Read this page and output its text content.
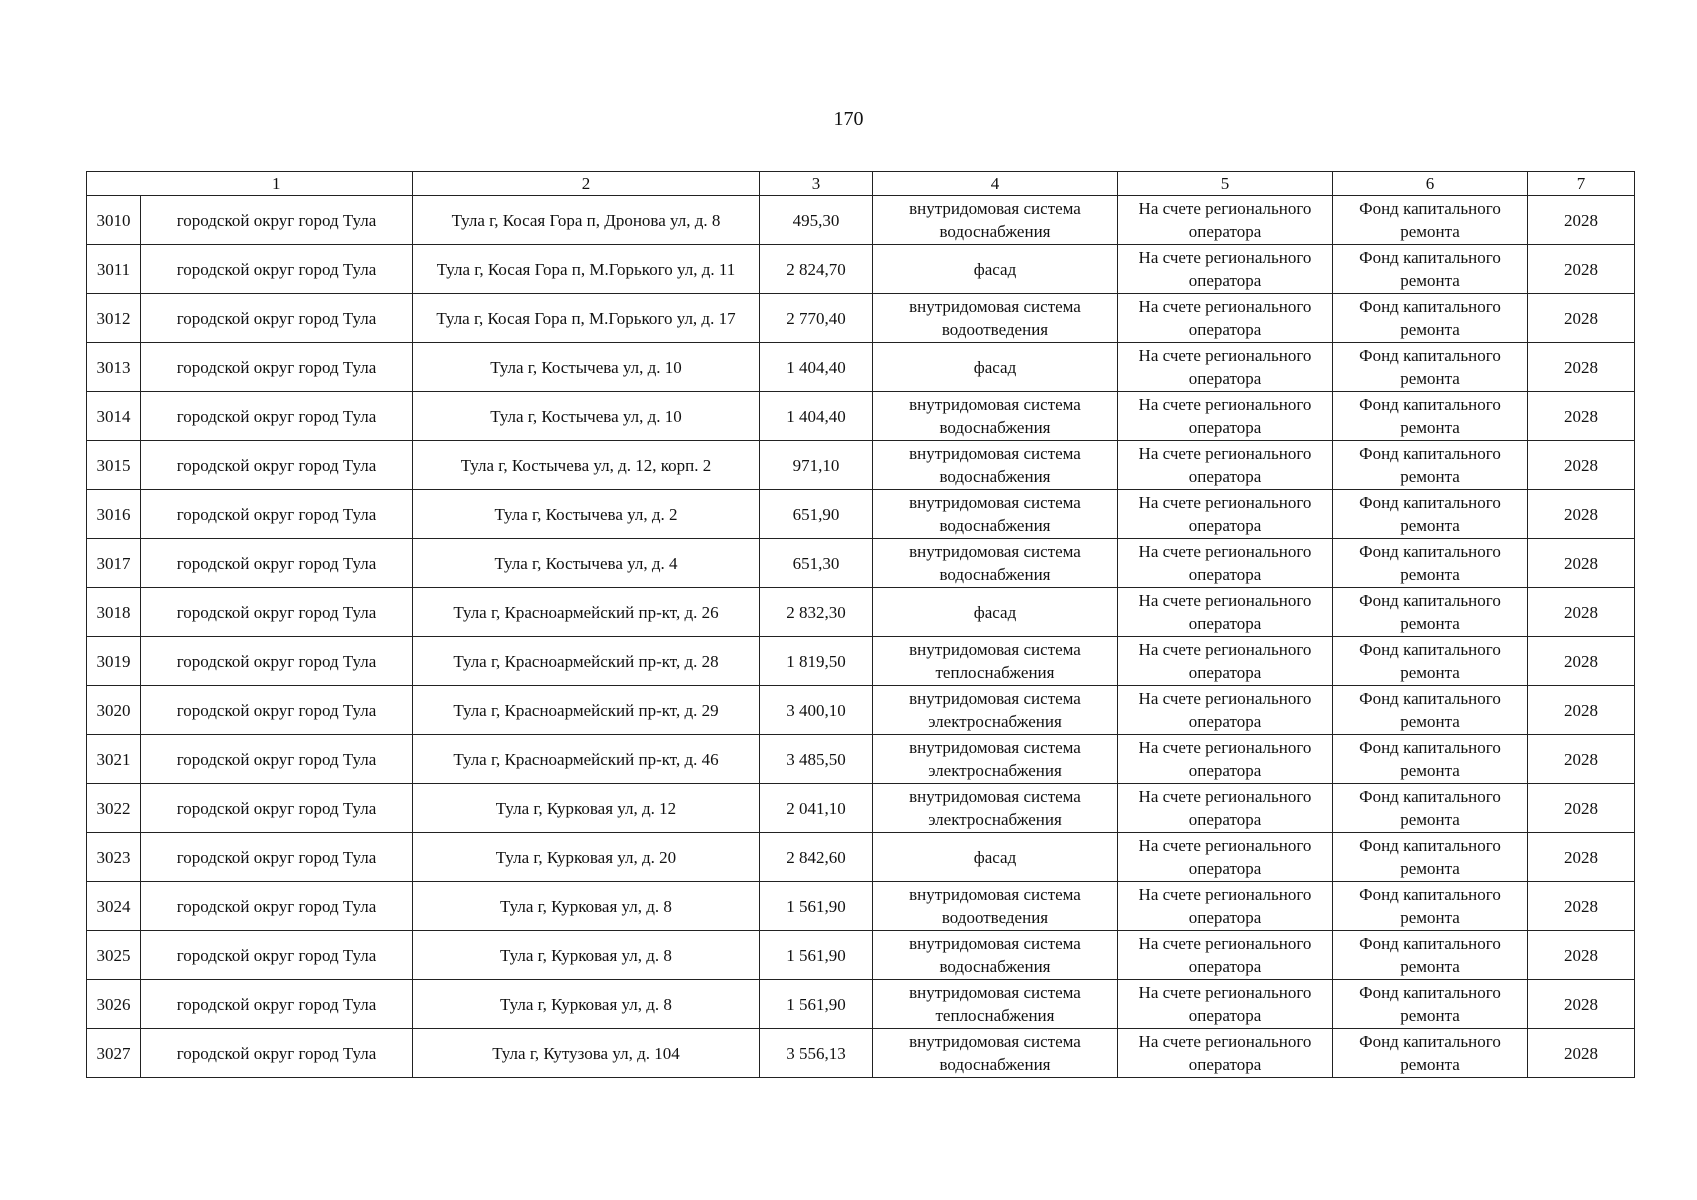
170
	1	2	3	4	5	6	7
3010	городской округ город Тула	Тула г, Косая Гора п, Дронова ул, д. 8	495,30	внутридомовая система водоснабжения	На счете регионального оператора	Фонд капитального ремонта	2028
3011	городской округ город Тула	Тула г, Косая Гора п, М.Горького ул, д. 11	2 824,70	фасад	На счете регионального оператора	Фонд капитального ремонта	2028
3012	городской округ город Тула	Тула г, Косая Гора п, М.Горького ул, д. 17	2 770,40	внутридомовая система водоотведения	На счете регионального оператора	Фонд капитального ремонта	2028
3013	городской округ город Тула	Тула г, Костычева ул, д. 10	1 404,40	фасад	На счете регионального оператора	Фонд капитального ремонта	2028
3014	городской округ город Тула	Тула г, Костычева ул, д. 10	1 404,40	внутридомовая система водоснабжения	На счете регионального оператора	Фонд капитального ремонта	2028
3015	городской округ город Тула	Тула г, Костычева ул, д. 12, корп. 2	971,10	внутридомовая система водоснабжения	На счете регионального оператора	Фонд капитального ремонта	2028
3016	городской округ город Тула	Тула г, Костычева ул, д. 2	651,90	внутридомовая система водоснабжения	На счете регионального оператора	Фонд капитального ремонта	2028
3017	городской округ город Тула	Тула г, Костычева ул, д. 4	651,30	внутридомовая система водоснабжения	На счете регионального оператора	Фонд капитального ремонта	2028
3018	городской округ город Тула	Тула г, Красноармейский пр-кт, д. 26	2 832,30	фасад	На счете регионального оператора	Фонд капитального ремонта	2028
3019	городской округ город Тула	Тула г, Красноармейский пр-кт, д. 28	1 819,50	внутридомовая система теплоснабжения	На счете регионального оператора	Фонд капитального ремонта	2028
3020	городской округ город Тула	Тула г, Красноармейский пр-кт, д. 29	3 400,10	внутридомовая система электроснабжения	На счете регионального оператора	Фонд капитального ремонта	2028
3021	городской округ город Тула	Тула г, Красноармейский пр-кт, д. 46	3 485,50	внутридомовая система электроснабжения	На счете регионального оператора	Фонд капитального ремонта	2028
3022	городской округ город Тула	Тула г, Курковая ул, д. 12	2 041,10	внутридомовая система электроснабжения	На счете регионального оператора	Фонд капитального ремонта	2028
3023	городской округ город Тула	Тула г, Курковая ул, д. 20	2 842,60	фасад	На счете регионального оператора	Фонд капитального ремонта	2028
3024	городской округ город Тула	Тула г, Курковая ул, д. 8	1 561,90	внутридомовая система водоотведения	На счете регионального оператора	Фонд капитального ремонта	2028
3025	городской округ город Тула	Тула г, Курковая ул, д. 8	1 561,90	внутридомовая система водоснабжения	На счете регионального оператора	Фонд капитального ремонта	2028
3026	городской округ город Тула	Тула г, Курковая ул, д. 8	1 561,90	внутридомовая система теплоснабжения	На счете регионального оператора	Фонд капитального ремонта	2028
3027	городской округ город Тула	Тула г, Кутузова ул, д. 104	3 556,13	внутридомовая система водоснабжения	На счете регионального оператора	Фонд капитального ремонта	2028
